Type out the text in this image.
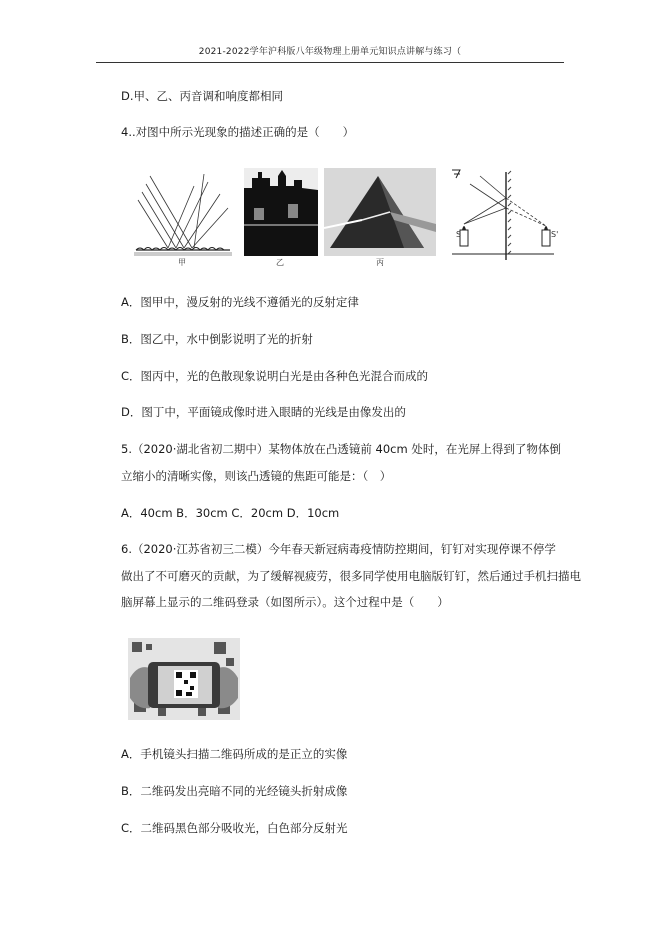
2021-2022学年沪科版八年级物理上册单元知识点讲解与练习（
D.甲、乙、丙音调和响度都相同
4..对图中所示光现象的描述正确的是（　　）
甲	乙	丙
S	S'
A．图甲中，漫反射的光线不遵循光的反射定律
B．图乙中，水中倒影说明了光的折射
C．图丙中，光的色散现象说明白光是由各种色光混合而成的
D．图丁中，平面镜成像时进入眼睛的光线是由像发出的
5.（2020·湖北省初二期中）某物体放在凸透镜前 40cm 处时，在光屏上得到了物体倒
立缩小的清晰实像，则该凸透镜的焦距可能是：（　）
A．40cm B．30cm C．20cm D．10cm
6.（2020·江苏省初三二模）今年春天新冠病毒疫情防控期间，钉钉对实现停课不停学
做出了不可磨灭的贡献，为了缓解视疲劳，很多同学使用电脑版钉钉，然后通过手机扫描电
脑屏幕上显示的二维码登录（如图所示）。这个过程中是（　　）
A．手机镜头扫描二维码所成的是正立的实像
B．二维码发出亮暗不同的光经镜头折射成像
C．二维码黑色部分吸收光，白色部分反射光
